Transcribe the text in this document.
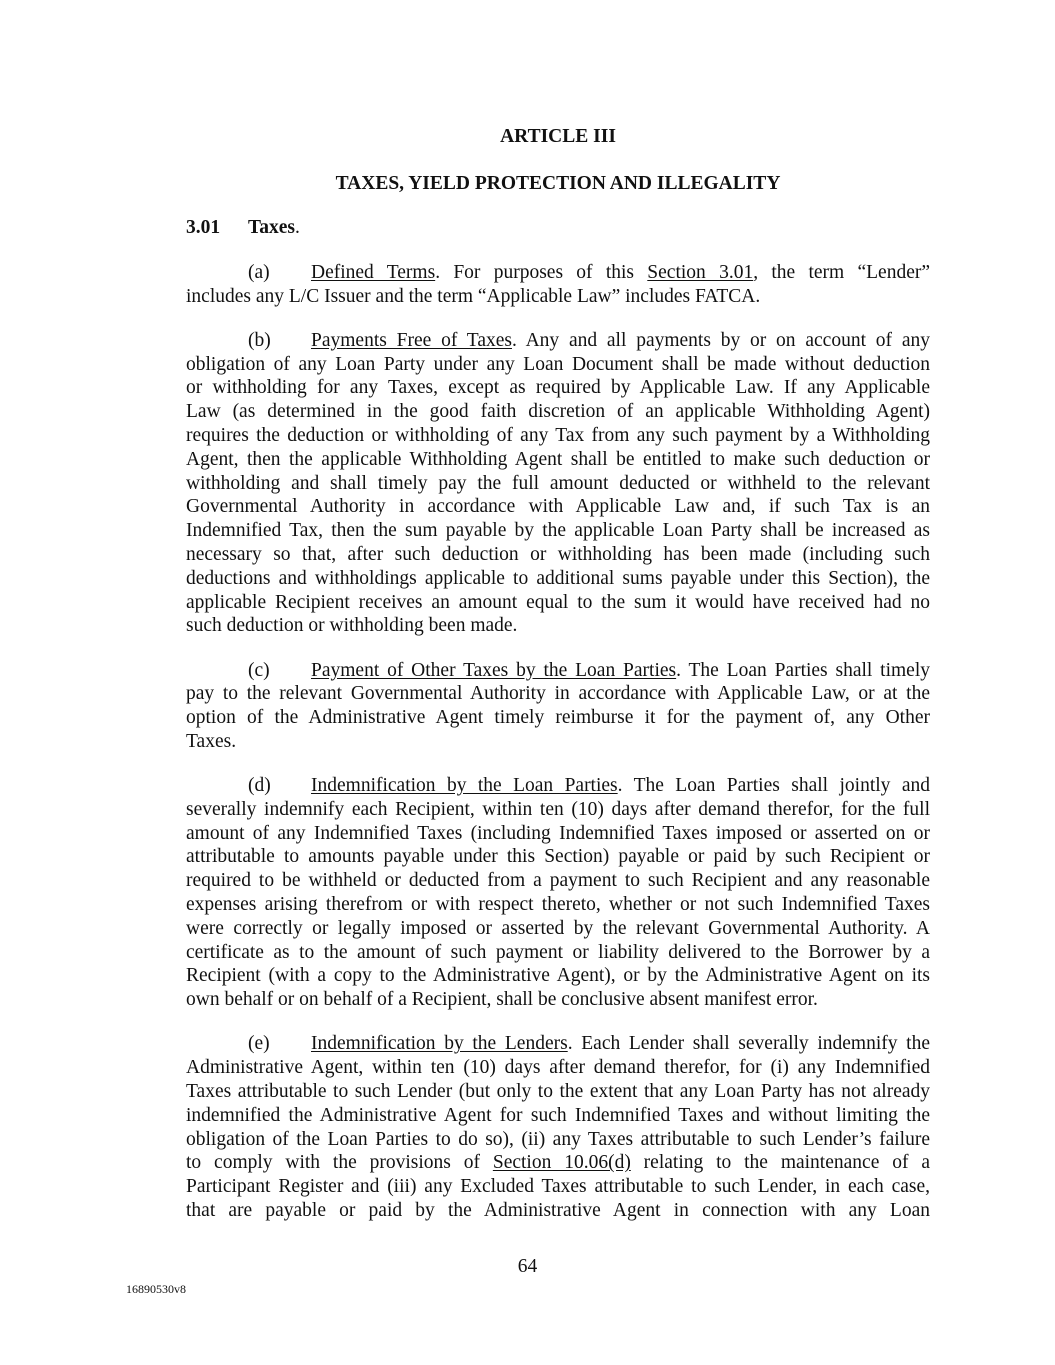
ARTICLE III
TAXES, YIELD PROTECTION AND ILLEGALITY
3.01 Taxes.
(a) Defined Terms. For purposes of this Section 3.01, the term “Lender”
includes any L/C Issuer and the term “Applicable Law” includes FATCA.
(b) Payments Free of Taxes. Any and all payments by or on account of any
obligation of any Loan Party under any Loan Document shall be made without deduction
or withholding for any Taxes, except as required by Applicable Law. If any Applicable
Law (as determined in the good faith discretion of an applicable Withholding Agent)
requires the deduction or withholding of any Tax from any such payment by a Withholding
Agent, then the applicable Withholding Agent shall be entitled to make such deduction or
withholding and shall timely pay the full amount deducted or withheld to the relevant
Governmental Authority in accordance with Applicable Law and, if such Tax is an
Indemnified Tax, then the sum payable by the applicable Loan Party shall be increased as
necessary so that, after such deduction or withholding has been made (including such
deductions and withholdings applicable to additional sums payable under this Section), the
applicable Recipient receives an amount equal to the sum it would have received had no
such deduction or withholding been made.
(c) Payment of Other Taxes by the Loan Parties. The Loan Parties shall timely
pay to the relevant Governmental Authority in accordance with Applicable Law, or at the
option of the Administrative Agent timely reimburse it for the payment of, any Other
Taxes.
(d) Indemnification by the Loan Parties. The Loan Parties shall jointly and
severally indemnify each Recipient, within ten (10) days after demand therefor, for the full
amount of any Indemnified Taxes (including Indemnified Taxes imposed or asserted on or
attributable to amounts payable under this Section) payable or paid by such Recipient or
required to be withheld or deducted from a payment to such Recipient and any reasonable
expenses arising therefrom or with respect thereto, whether or not such Indemnified Taxes
were correctly or legally imposed or asserted by the relevant Governmental Authority. A
certificate as to the amount of such payment or liability delivered to the Borrower by a
Recipient (with a copy to the Administrative Agent), or by the Administrative Agent on its
own behalf or on behalf of a Recipient, shall be conclusive absent manifest error.
(e) Indemnification by the Lenders. Each Lender shall severally indemnify the
Administrative Agent, within ten (10) days after demand therefor, for (i) any Indemnified
Taxes attributable to such Lender (but only to the extent that any Loan Party has not already
indemnified the Administrative Agent for such Indemnified Taxes and without limiting the
obligation of the Loan Parties to do so), (ii) any Taxes attributable to such Lender’s failure
to comply with the provisions of Section 10.06(d) relating to the maintenance of a
Participant Register and (iii) any Excluded Taxes attributable to such Lender, in each case,
that are payable or paid by the Administrative Agent in connection with any Loan
64
16890530v8
